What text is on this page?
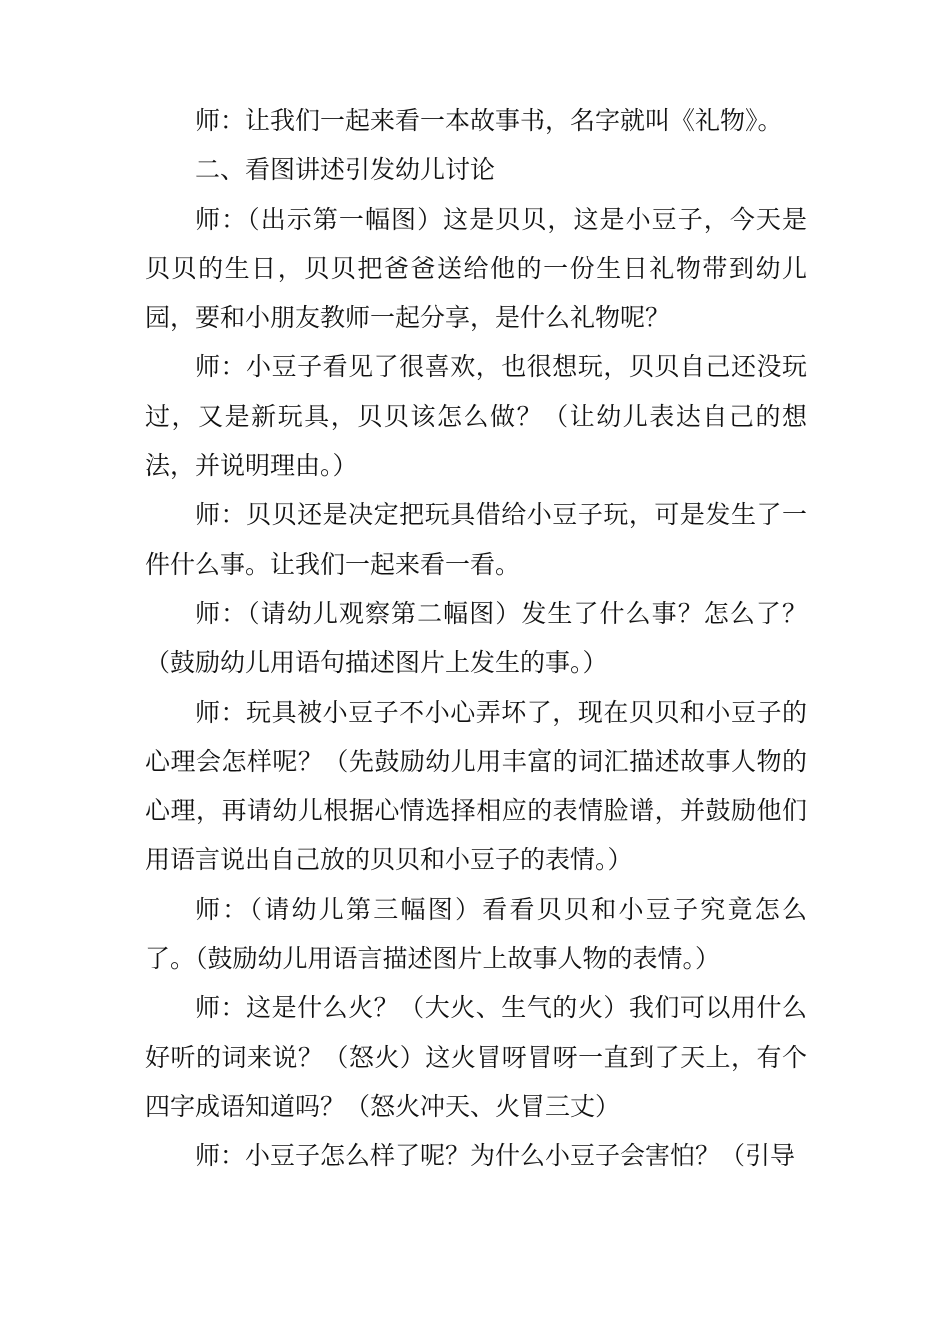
师：让我们一起来看一本故事书，名字就叫《礼物》。

二、看图讲述引发幼儿讨论

师：（出示第一幅图）这是贝贝，这是小豆子，今天是贝贝的生日，贝贝把爸爸送给他的一份生日礼物带到幼儿园，要和小朋友教师一起分享，是什么礼物呢？

师：小豆子看见了很喜欢，也很想玩，贝贝自己还没玩过，又是新玩具，贝贝该怎么做？（让幼儿表达自己的想法，并说明理由。）

师：贝贝还是决定把玩具借给小豆子玩，可是发生了一件什么事。让我们一起来看一看。

师：（请幼儿观察第二幅图）发生了什么事？怎么了？（鼓励幼儿用语句描述图片上发生的事。）

师：玩具被小豆子不小心弄坏了，现在贝贝和小豆子的心理会怎样呢？（先鼓励幼儿用丰富的词汇描述故事人物的心理，再请幼儿根据心情选择相应的表情脸谱，并鼓励他们用语言说出自己放的贝贝和小豆子的表情。）

师：（请幼儿第三幅图）看看贝贝和小豆子究竟怎么了。（鼓励幼儿用语言描述图片上故事人物的表情。）

师：这是什么火？（大火、生气的火）我们可以用什么好听的词来说？（怒火）这火冒呀冒呀一直到了天上，有个四字成语知道吗？（怒火冲天、火冒三丈）

师：小豆子怎么样了呢？为什么小豆子会害怕？（引导
